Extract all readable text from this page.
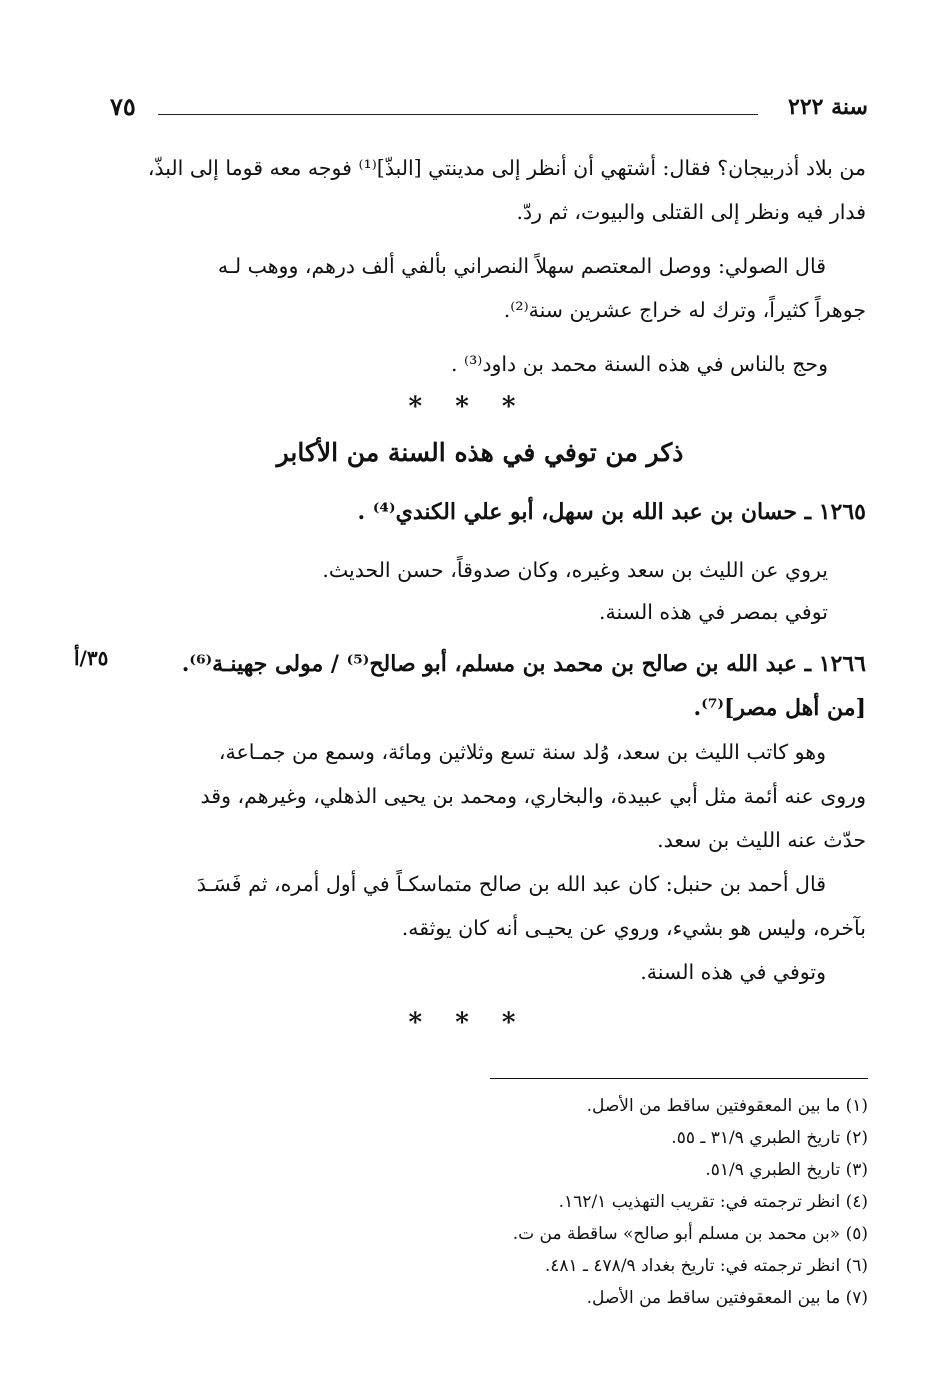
سنة ٢٢٢
٧٥
من بلاد أذربيجان؟ فقال: أشتهي أن أنظر إلى مدينتي [البذّ]⁽¹⁾ فوجه معه قوما إلى البذّ،
فدار فيه ونظر إلى القتلى والبيوت، ثم ردّ.
قال الصولي: ووصل المعتصم سهلاً النصراني بألفي ألف درهم، ووهب لـه
جوهراً كثيراً، وترك له خراج عشرين سنة⁽²⁾.
وحج بالناس في هذه السنة محمد بن داود⁽³⁾ .
* * *
ذكر من توفي في هذه السنة من الأكابر
١٢٦٥ ـ حسان بن عبد الله بن سهل، أبو علي الكندي⁽⁴⁾ .
يروي عن الليث بن سعد وغيره، وكان صدوقاً، حسن الحديث.
توفي بمصر في هذه السنة.
١٢٦٦ ـ عبد الله بن صالح بن محمد بن مسلم، أبو صالح⁽⁵⁾ / مولى جهينـة⁽⁶⁾.
٣٥/أ
[من أهل مصر]⁽⁷⁾.
وهو كاتب الليث بن سعد، وُلد سنة تسع وثلاثين ومائة، وسمع من جمـاعة،
وروى عنه أئمة مثل أبي عبيدة، والبخاري، ومحمد بن يحيى الذهلي، وغيرهم، وقد
حدّث عنه الليث بن سعد.
قال أحمد بن حنبل: كان عبد الله بن صالح متماسكـاً في أول أمره، ثم فَسَـدَ
بآخره، وليس هو بشيء، وروي عن يحيـى أنه كان يوثقه.
وتوفي في هذه السنة.
* * *
(١) ما بين المعقوفتين ساقط من الأصل.
(٢) تاريخ الطبري ٣١/٩ ـ ٥٥.
(٣) تاريخ الطبري ٥١/٩.
(٤) انظر ترجمته في: تقريب التهذيب ١٦٢/١.
(٥) «بن محمد بن مسلم أبو صالح» ساقطة من ت.
(٦) انظر ترجمته في: تاريخ بغداد ٤٧٨/٩ ـ ٤٨١.
(٧) ما بين المعقوفتين ساقط من الأصل.
